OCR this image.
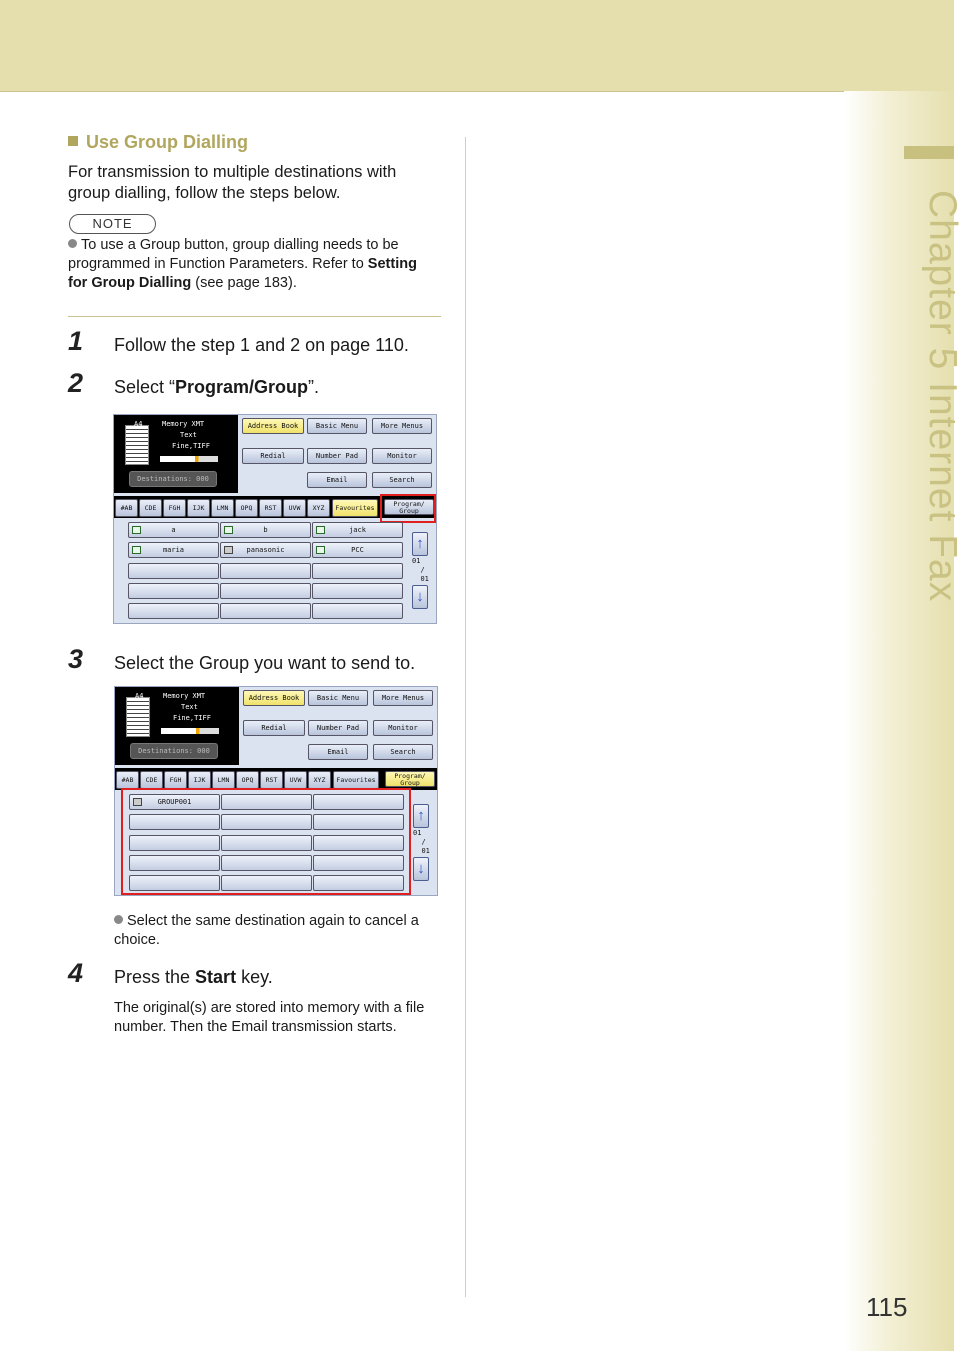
Chapter 5 Internet Fax
115
Use Group Dialling
For transmission to multiple destinations with group dialling, follow the steps below.
NOTE
To use a Group button, group dialling needs to be programmed in Function Parameters. Refer to Setting for Group Dialling (see page 183).
1 Follow the step 1 and 2 on page 110.
2 Select “Program/Group”.
A4	Memory XMT
Text
Fine,TIFF
Destinations: 000
Address Book	Basic Menu	More Menus
Redial	Number Pad	Monitor
Email	Search
#AB	CDE	FGH	IJK	LMN	OPQ	RST	UVW	XYZ	Favourites	Program/ Group
a	b	jack
maria	panasonic	PCC	↑
01
/
01
↓
3 Select the Group you want to send to.
A4	Memory XMT
Text
Fine,TIFF
Destinations: 000
Address Book	Basic Menu	More Menus
Redial	Number Pad	Monitor
Email	Search
#AB	CDE	FGH	IJK	LMN	OPQ	RST	UVW	XYZ	Favourites	Program/ Group
GROUP001
↑
01
/
01
↓
Select the same destination again to cancel a choice.
4 Press the Start key.
The original(s) are stored into memory with a file number. Then the Email transmission starts.
